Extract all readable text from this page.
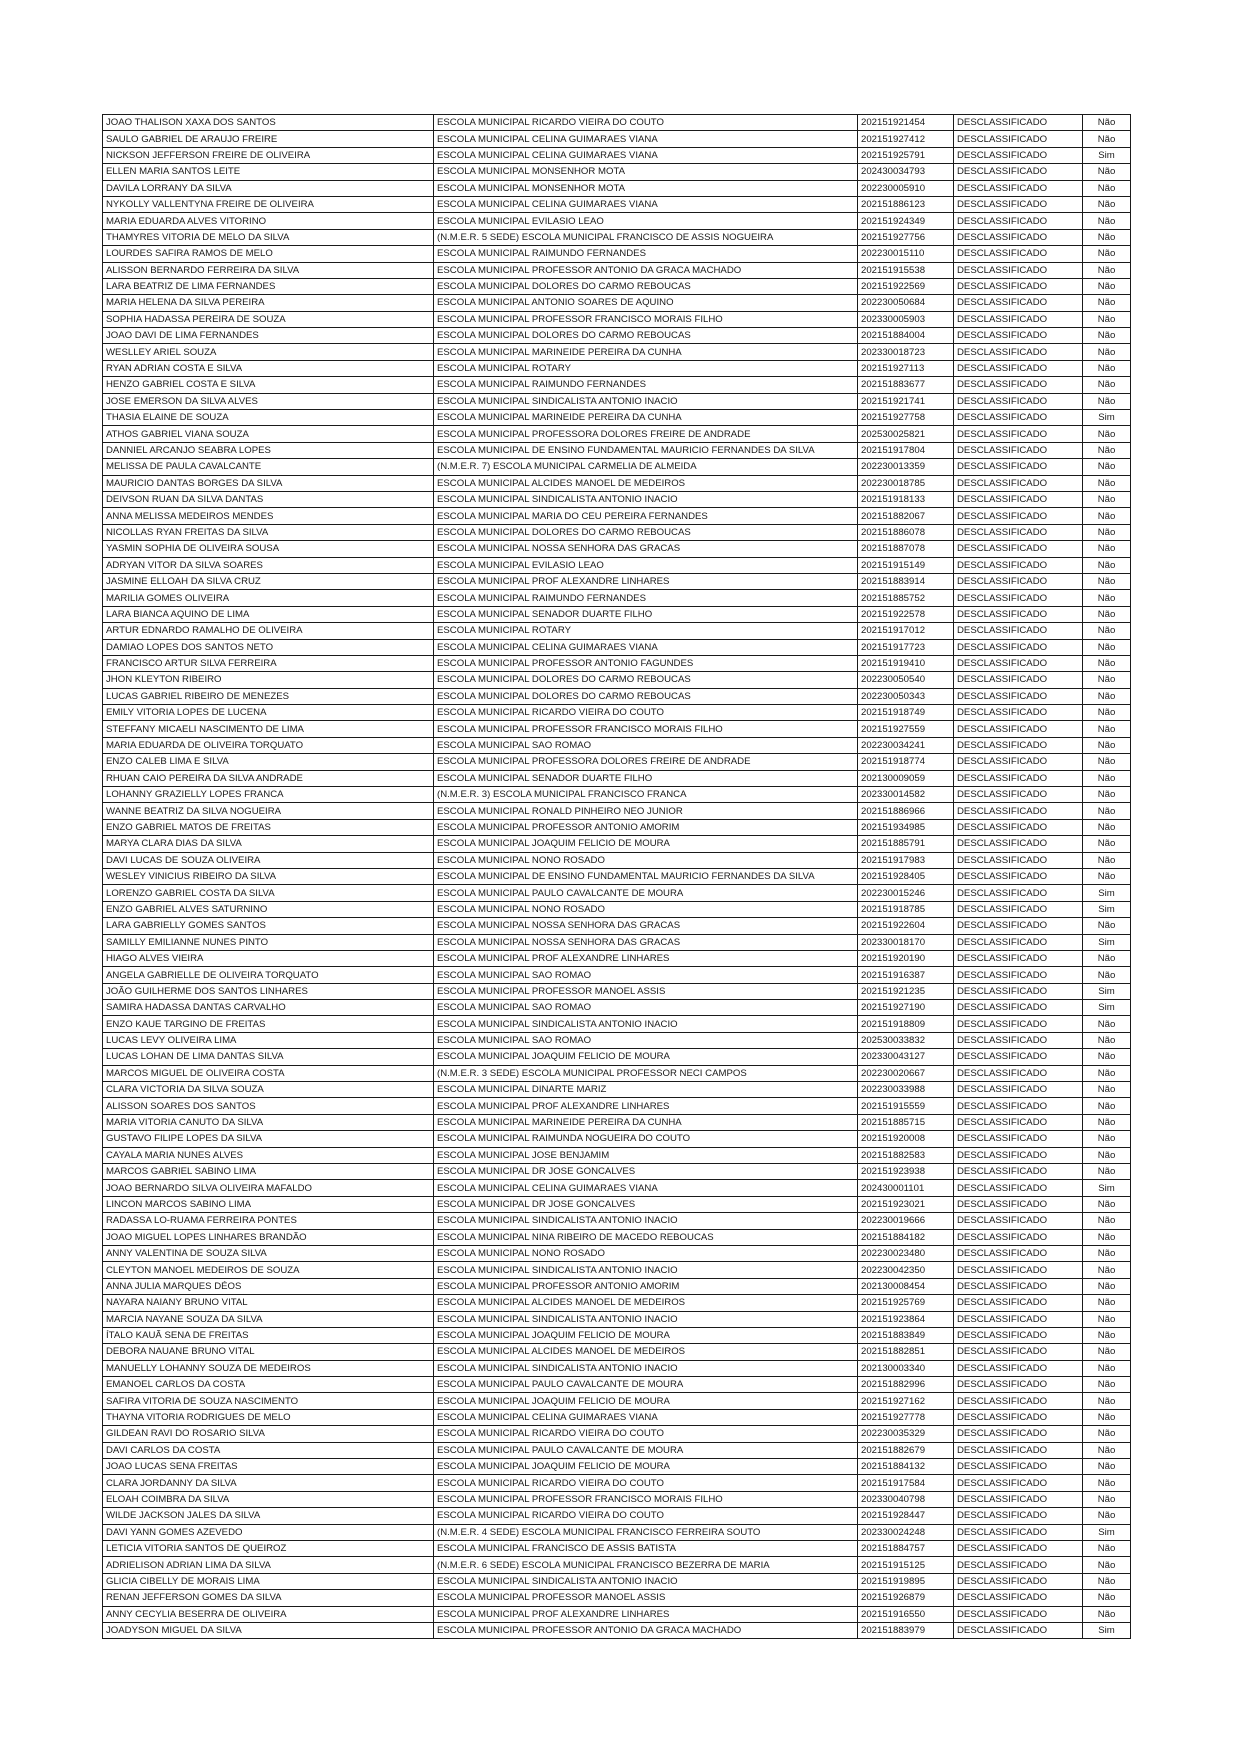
JOAO THALISON XAXA DOS SANTOS	ESCOLA MUNICIPAL RICARDO VIEIRA DO COUTO	202151921454	DESCLASSIFICADO	Não
SAULO GABRIEL DE ARAUJO FREIRE	ESCOLA MUNICIPAL CELINA GUIMARAES VIANA	202151927412	DESCLASSIFICADO	Não
NICKSON JEFFERSON FREIRE DE OLIVEIRA	ESCOLA MUNICIPAL CELINA GUIMARAES VIANA	202151925791	DESCLASSIFICADO	Sim
ELLEN MARIA SANTOS LEITE	ESCOLA MUNICIPAL MONSENHOR MOTA	202430034793	DESCLASSIFICADO	Não
DAVILA LORRANY DA SILVA	ESCOLA MUNICIPAL MONSENHOR MOTA	202230005910	DESCLASSIFICADO	Não
NYKOLLY VALLENTYNA FREIRE DE OLIVEIRA	ESCOLA MUNICIPAL CELINA GUIMARAES VIANA	202151886123	DESCLASSIFICADO	Não
MARIA EDUARDA ALVES VITORINO	ESCOLA MUNICIPAL EVILASIO LEAO	202151924349	DESCLASSIFICADO	Não
THAMYRES VITORIA DE MELO DA SILVA	(N.M.E.R. 5 SEDE) ESCOLA MUNICIPAL FRANCISCO DE ASSIS NOGUEIRA	202151927756	DESCLASSIFICADO	Não
LOURDES SAFIRA RAMOS DE MELO	ESCOLA MUNICIPAL RAIMUNDO FERNANDES	202230015110	DESCLASSIFICADO	Não
ALISSON BERNARDO FERREIRA DA SILVA	ESCOLA MUNICIPAL PROFESSOR ANTONIO DA GRACA MACHADO	202151915538	DESCLASSIFICADO	Não
LARA BEATRIZ DE LIMA FERNANDES	ESCOLA MUNICIPAL DOLORES DO CARMO REBOUCAS	202151922569	DESCLASSIFICADO	Não
MARIA HELENA DA SILVA PEREIRA	ESCOLA MUNICIPAL ANTONIO SOARES DE AQUINO	202230050684	DESCLASSIFICADO	Não
SOPHIA HADASSA PEREIRA DE SOUZA	ESCOLA MUNICIPAL PROFESSOR FRANCISCO MORAIS FILHO	202330005903	DESCLASSIFICADO	Não
JOAO DAVI DE LIMA FERNANDES	ESCOLA MUNICIPAL DOLORES DO CARMO REBOUCAS	202151884004	DESCLASSIFICADO	Não
WESLLEY ARIEL SOUZA	ESCOLA MUNICIPAL MARINEIDE PEREIRA DA CUNHA	202330018723	DESCLASSIFICADO	Não
RYAN ADRIAN COSTA E SILVA	ESCOLA MUNICIPAL ROTARY	202151927113	DESCLASSIFICADO	Não
HENZO GABRIEL COSTA E SILVA	ESCOLA MUNICIPAL RAIMUNDO FERNANDES	202151883677	DESCLASSIFICADO	Não
JOSE EMERSON DA SILVA ALVES	ESCOLA MUNICIPAL SINDICALISTA ANTONIO INACIO	202151921741	DESCLASSIFICADO	Não
THASIA ELAINE DE SOUZA	ESCOLA MUNICIPAL MARINEIDE PEREIRA DA CUNHA	202151927758	DESCLASSIFICADO	Sim
ATHOS GABRIEL VIANA SOUZA	ESCOLA MUNICIPAL PROFESSORA DOLORES FREIRE DE ANDRADE	202530025821	DESCLASSIFICADO	Não
DANNIEL ARCANJO SEABRA LOPES	ESCOLA MUNICIPAL DE ENSINO FUNDAMENTAL MAURICIO FERNANDES DA SILVA	202151917804	DESCLASSIFICADO	Não
MELISSA DE PAULA CAVALCANTE	(N.M.E.R. 7) ESCOLA MUNICIPAL CARMELIA DE ALMEIDA	202230013359	DESCLASSIFICADO	Não
MAURICIO DANTAS BORGES DA SILVA	ESCOLA MUNICIPAL ALCIDES MANOEL DE MEDEIROS	202230018785	DESCLASSIFICADO	Não
DEIVSON RUAN DA SILVA DANTAS	ESCOLA MUNICIPAL SINDICALISTA ANTONIO INACIO	202151918133	DESCLASSIFICADO	Não
ANNA MELISSA MEDEIROS MENDES	ESCOLA MUNICIPAL MARIA DO CEU PEREIRA FERNANDES	202151882067	DESCLASSIFICADO	Não
NICOLLAS RYAN FREITAS DA SILVA	ESCOLA MUNICIPAL DOLORES DO CARMO REBOUCAS	202151886078	DESCLASSIFICADO	Não
YASMIN SOPHIA DE OLIVEIRA SOUSA	ESCOLA MUNICIPAL NOSSA SENHORA DAS GRACAS	202151887078	DESCLASSIFICADO	Não
ADRYAN VITOR DA SILVA SOARES	ESCOLA MUNICIPAL EVILASIO LEAO	202151915149	DESCLASSIFICADO	Não
JASMINE ELLOAH DA SILVA CRUZ	ESCOLA MUNICIPAL PROF ALEXANDRE LINHARES	202151883914	DESCLASSIFICADO	Não
MARILIA GOMES OLIVEIRA	ESCOLA MUNICIPAL RAIMUNDO FERNANDES	202151885752	DESCLASSIFICADO	Não
LARA BIANCA AQUINO DE LIMA	ESCOLA MUNICIPAL SENADOR DUARTE FILHO	202151922578	DESCLASSIFICADO	Não
ARTUR EDNARDO RAMALHO DE OLIVEIRA	ESCOLA MUNICIPAL ROTARY	202151917012	DESCLASSIFICADO	Não
DAMIAO LOPES DOS SANTOS NETO	ESCOLA MUNICIPAL CELINA GUIMARAES VIANA	202151917723	DESCLASSIFICADO	Não
FRANCISCO ARTUR SILVA FERREIRA	ESCOLA MUNICIPAL PROFESSOR ANTONIO FAGUNDES	202151919410	DESCLASSIFICADO	Não
JHON KLEYTON RIBEIRO	ESCOLA MUNICIPAL DOLORES DO CARMO REBOUCAS	202230050540	DESCLASSIFICADO	Não
LUCAS GABRIEL RIBEIRO DE MENEZES	ESCOLA MUNICIPAL DOLORES DO CARMO REBOUCAS	202230050343	DESCLASSIFICADO	Não
EMILY VITORIA LOPES DE LUCENA	ESCOLA MUNICIPAL RICARDO VIEIRA DO COUTO	202151918749	DESCLASSIFICADO	Não
STEFFANY MICAELI NASCIMENTO DE LIMA	ESCOLA MUNICIPAL PROFESSOR FRANCISCO MORAIS FILHO	202151927559	DESCLASSIFICADO	Não
MARIA EDUARDA DE OLIVEIRA TORQUATO	ESCOLA MUNICIPAL SAO ROMAO	202230034241	DESCLASSIFICADO	Não
ENZO CALEB LIMA E SILVA	ESCOLA MUNICIPAL PROFESSORA DOLORES FREIRE DE ANDRADE	202151918774	DESCLASSIFICADO	Não
RHUAN CAIO PEREIRA DA SILVA ANDRADE	ESCOLA MUNICIPAL SENADOR DUARTE FILHO	202130009059	DESCLASSIFICADO	Não
LOHANNY GRAZIELLY LOPES FRANCA	(N.M.E.R. 3) ESCOLA MUNICIPAL FRANCISCO FRANCA	202330014582	DESCLASSIFICADO	Não
WANNE BEATRIZ DA SILVA NOGUEIRA	ESCOLA MUNICIPAL RONALD PINHEIRO NEO JUNIOR	202151886966	DESCLASSIFICADO	Não
ENZO GABRIEL MATOS DE FREITAS	ESCOLA MUNICIPAL PROFESSOR ANTONIO AMORIM	202151934985	DESCLASSIFICADO	Não
MARYA CLARA DIAS DA SILVA	ESCOLA MUNICIPAL JOAQUIM FELICIO DE MOURA	202151885791	DESCLASSIFICADO	Não
DAVI LUCAS DE SOUZA OLIVEIRA	ESCOLA MUNICIPAL NONO ROSADO	202151917983	DESCLASSIFICADO	Não
WESLEY VINICIUS RIBEIRO DA SILVA	ESCOLA MUNICIPAL DE ENSINO FUNDAMENTAL MAURICIO FERNANDES DA SILVA	202151928405	DESCLASSIFICADO	Não
LORENZO GABRIEL COSTA DA SILVA	ESCOLA MUNICIPAL PAULO CAVALCANTE DE MOURA	202230015246	DESCLASSIFICADO	Sim
ENZO GABRIEL ALVES SATURNINO	ESCOLA MUNICIPAL NONO ROSADO	202151918785	DESCLASSIFICADO	Sim
LARA GABRIELLY GOMES SANTOS	ESCOLA MUNICIPAL NOSSA SENHORA DAS GRACAS	202151922604	DESCLASSIFICADO	Não
SAMILLY EMILIANNE NUNES PINTO	ESCOLA MUNICIPAL NOSSA SENHORA DAS GRACAS	202330018170	DESCLASSIFICADO	Sim
HIAGO ALVES VIEIRA	ESCOLA MUNICIPAL PROF ALEXANDRE LINHARES	202151920190	DESCLASSIFICADO	Não
ANGELA GABRIELLE DE OLIVEIRA TORQUATO	ESCOLA MUNICIPAL SAO ROMAO	202151916387	DESCLASSIFICADO	Não
JOÃO GUILHERME DOS SANTOS LINHARES	ESCOLA MUNICIPAL PROFESSOR MANOEL ASSIS	202151921235	DESCLASSIFICADO	Sim
SAMIRA HADASSA DANTAS CARVALHO	ESCOLA MUNICIPAL SAO ROMAO	202151927190	DESCLASSIFICADO	Sim
ENZO KAUE TARGINO DE FREITAS	ESCOLA MUNICIPAL SINDICALISTA ANTONIO INACIO	202151918809	DESCLASSIFICADO	Não
LUCAS LEVY OLIVEIRA LIMA	ESCOLA MUNICIPAL SAO ROMAO	202530033832	DESCLASSIFICADO	Não
LUCAS LOHAN DE LIMA DANTAS SILVA	ESCOLA MUNICIPAL JOAQUIM FELICIO DE MOURA	202330043127	DESCLASSIFICADO	Não
MARCOS MIGUEL DE OLIVEIRA COSTA	(N.M.E.R. 3 SEDE) ESCOLA MUNICIPAL PROFESSOR NECI CAMPOS	202230020667	DESCLASSIFICADO	Não
CLARA VICTORIA DA SILVA SOUZA	ESCOLA MUNICIPAL DINARTE MARIZ	202230033988	DESCLASSIFICADO	Não
ALISSON SOARES DOS SANTOS	ESCOLA MUNICIPAL PROF ALEXANDRE LINHARES	202151915559	DESCLASSIFICADO	Não
MARIA VITORIA CANUTO DA SILVA	ESCOLA MUNICIPAL MARINEIDE PEREIRA DA CUNHA	202151885715	DESCLASSIFICADO	Não
GUSTAVO FILIPE LOPES DA SILVA	ESCOLA MUNICIPAL RAIMUNDA NOGUEIRA DO COUTO	202151920008	DESCLASSIFICADO	Não
CAYALA MARIA NUNES ALVES	ESCOLA MUNICIPAL JOSE BENJAMIM	202151882583	DESCLASSIFICADO	Não
MARCOS GABRIEL SABINO LIMA	ESCOLA MUNICIPAL DR JOSE GONCALVES	202151923938	DESCLASSIFICADO	Não
JOAO BERNARDO SILVA OLIVEIRA MAFALDO	ESCOLA MUNICIPAL CELINA GUIMARAES VIANA	202430001101	DESCLASSIFICADO	Sim
LINCON MARCOS SABINO LIMA	ESCOLA MUNICIPAL DR JOSE GONCALVES	202151923021	DESCLASSIFICADO	Não
RADASSA LO-RUAMA FERREIRA PONTES	ESCOLA MUNICIPAL SINDICALISTA ANTONIO INACIO	202230019666	DESCLASSIFICADO	Não
JOAO MIGUEL LOPES LINHARES BRANDÃO	ESCOLA MUNICIPAL NINA RIBEIRO DE MACEDO REBOUCAS	202151884182	DESCLASSIFICADO	Não
ANNY VALENTINA DE SOUZA SILVA	ESCOLA MUNICIPAL NONO ROSADO	202230023480	DESCLASSIFICADO	Não
CLEYTON MANOEL MEDEIROS DE SOUZA	ESCOLA MUNICIPAL SINDICALISTA ANTONIO INACIO	202230042350	DESCLASSIFICADO	Não
ANNA JULIA MARQUES DÉOS	ESCOLA MUNICIPAL PROFESSOR ANTONIO AMORIM	202130008454	DESCLASSIFICADO	Não
NAYARA NAIANY BRUNO VITAL	ESCOLA MUNICIPAL ALCIDES MANOEL DE MEDEIROS	202151925769	DESCLASSIFICADO	Não
MARCIA NAYANE SOUZA DA SILVA	ESCOLA MUNICIPAL SINDICALISTA ANTONIO INACIO	202151923864	DESCLASSIFICADO	Não
ÍTALO KAUÃ SENA DE FREITAS	ESCOLA MUNICIPAL JOAQUIM FELICIO DE MOURA	202151883849	DESCLASSIFICADO	Não
DEBORA NAUANE BRUNO VITAL	ESCOLA MUNICIPAL ALCIDES MANOEL DE MEDEIROS	202151882851	DESCLASSIFICADO	Não
MANUELLY LOHANNY SOUZA DE MEDEIROS	ESCOLA MUNICIPAL SINDICALISTA ANTONIO INACIO	202130003340	DESCLASSIFICADO	Não
EMANOEL CARLOS DA COSTA	ESCOLA MUNICIPAL PAULO CAVALCANTE DE MOURA	202151882996	DESCLASSIFICADO	Não
SAFIRA VITORIA DE SOUZA NASCIMENTO	ESCOLA MUNICIPAL JOAQUIM FELICIO DE MOURA	202151927162	DESCLASSIFICADO	Não
THAYNA VITORIA RODRIGUES DE MELO	ESCOLA MUNICIPAL CELINA GUIMARAES VIANA	202151927778	DESCLASSIFICADO	Não
GILDEAN RAVI DO ROSARIO SILVA	ESCOLA MUNICIPAL RICARDO VIEIRA DO COUTO	202230035329	DESCLASSIFICADO	Não
DAVI CARLOS DA COSTA	ESCOLA MUNICIPAL PAULO CAVALCANTE DE MOURA	202151882679	DESCLASSIFICADO	Não
JOAO LUCAS SENA FREITAS	ESCOLA MUNICIPAL JOAQUIM FELICIO DE MOURA	202151884132	DESCLASSIFICADO	Não
CLARA JORDANNY DA SILVA	ESCOLA MUNICIPAL RICARDO VIEIRA DO COUTO	202151917584	DESCLASSIFICADO	Não
ELOAH COIMBRA DA SILVA	ESCOLA MUNICIPAL PROFESSOR FRANCISCO MORAIS FILHO	202330040798	DESCLASSIFICADO	Não
WILDE JACKSON JALES DA SILVA	ESCOLA MUNICIPAL RICARDO VIEIRA DO COUTO	202151928447	DESCLASSIFICADO	Não
DAVI YANN GOMES AZEVEDO	(N.M.E.R. 4 SEDE) ESCOLA MUNICIPAL FRANCISCO FERREIRA SOUTO	202330024248	DESCLASSIFICADO	Sim
LETICIA VITORIA SANTOS DE QUEIROZ	ESCOLA MUNICIPAL FRANCISCO DE ASSIS BATISTA	202151884757	DESCLASSIFICADO	Não
ADRIELISON ADRIAN LIMA DA SILVA	(N.M.E.R. 6 SEDE) ESCOLA MUNICIPAL FRANCISCO BEZERRA DE MARIA	202151915125	DESCLASSIFICADO	Não
GLICIA CIBELLY DE MORAIS LIMA	ESCOLA MUNICIPAL SINDICALISTA ANTONIO INACIO	202151919895	DESCLASSIFICADO	Não
RENAN JEFFERSON GOMES DA SILVA	ESCOLA MUNICIPAL PROFESSOR MANOEL ASSIS	202151926879	DESCLASSIFICADO	Não
ANNY CECYLIA BESERRA DE OLIVEIRA	ESCOLA MUNICIPAL PROF ALEXANDRE LINHARES	202151916550	DESCLASSIFICADO	Não
JOADYSON MIGUEL DA SILVA	ESCOLA MUNICIPAL PROFESSOR ANTONIO DA GRACA MACHADO	202151883979	DESCLASSIFICADO	Sim
